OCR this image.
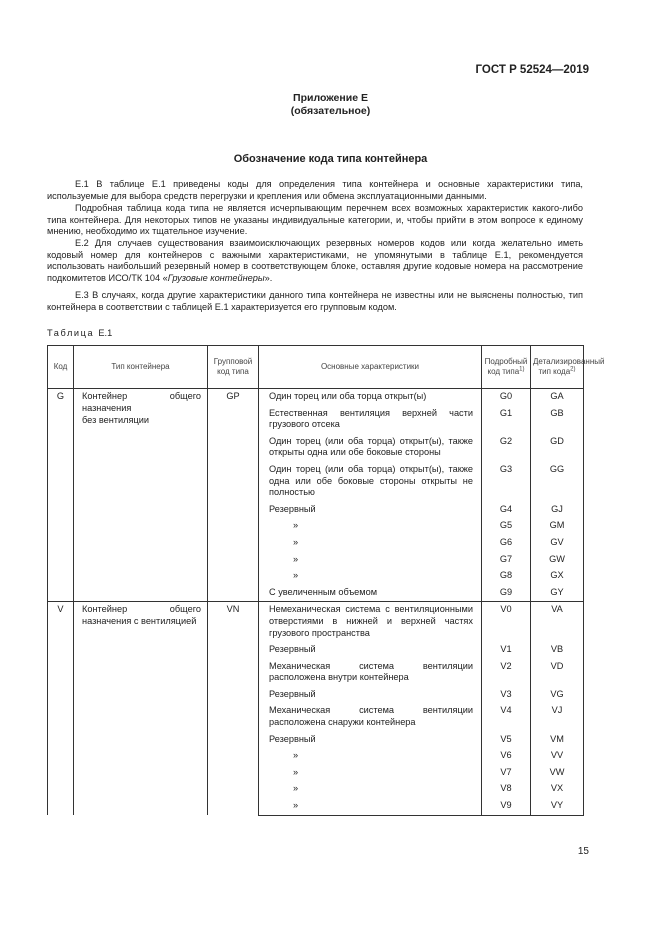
ГОСТ Р 52524—2019
Приложение Е
(обязательное)
Обозначение кода типа контейнера
Е.1 В таблице Е.1 приведены коды для определения типа контейнера и основные характеристики типа, используемые для выбора средств перегрузки и крепления или обмена эксплуатационными данными.
Подробная таблица кода типа не является исчерпывающим перечнем всех возможных характеристик какого-либо типа контейнера. Для некоторых типов не указаны индивидуальные категории, и, чтобы прийти в этом вопросе к единому мнению, необходимо их тщательное изучение.
Е.2 Для случаев существования взаимоисключающих резервных номеров кодов или когда желательно иметь кодовый номер для контейнеров с важными характеристиками, не упомянутыми в таблице Е.1, рекомендуется использовать наибольший резервный номер в соответствующем блоке, оставляя другие кодовые номера на рассмотрение подкомитетов ИСО/ТК 104 «Грузовые контейнеры».
Е.3 В случаях, когда другие характеристики данного типа контейнера не известны или не выяснены полностью, тип контейнера в соответствии с таблицей Е.1 характеризуется его групповым кодом.
Таблица Е.1
Код	Тип контейнера	Групповой код типа	Основные характеристики	Подробный код типа$^{1)}$	Детализированный тип кода$^{2)}$
G	Контейнер общего назначения
без вентиляции	GP	Один торец или оба торца открыт(ы)	G0	GA
			Естественная вентиляция верхней части грузового отсека	G1	GB
			Один торец (или оба торца) открыт(ы), также открыты одна или обе боковые стороны	G2	GD
			Один торец (или оба торца) открыт(ы), также одна или обе боковые стороны открыты не полностью	G3	GG
			Резервный	G4	GJ
			»	G5	GM
			»	G6	GV
			»	G7	GW
			»	G8	GX
			С увеличенным объемом	G9	GY
V	Контейнер общего назначения с вентиляцией	VN	Немеханическая система с вентиляционными отверстиями в нижней и верхней частях грузового пространства	V0	VA
			Резервный	V1	VB
			Механическая система вентиляции расположена внутри контейнера	V2	VD
			Резервный	V3	VG
			Механическая система вентиляции расположена снаружи контейнера	V4	VJ
			Резервный	V5	VM
			»	V6	VV
			»	V7	VW
			»	V8	VX
			»	V9	VY
15
